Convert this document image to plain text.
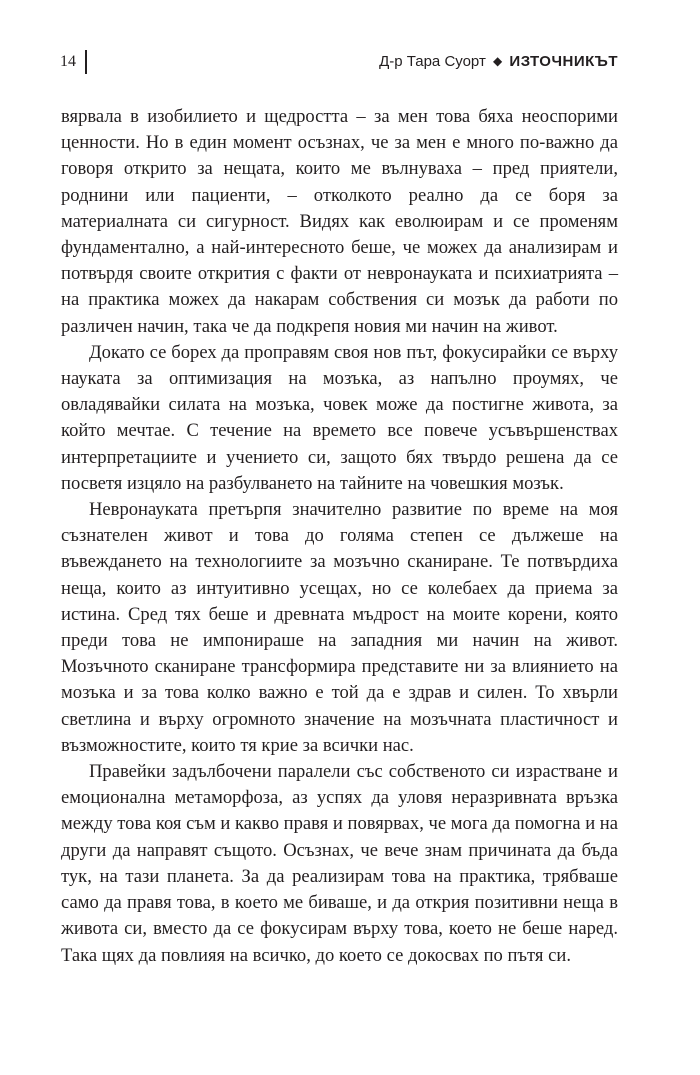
14	Д-р Тара Суорт ◆ ИЗТОЧНИКЪТ

вярвала в изобилието и щедростта – за мен това бяха неоспорими ценности. Но в един момент осъзнах, че за мен е много по-важно да говоря открито за нещата, които ме вълнуваха – пред приятели, роднини или пациенти, – отколкото реално да се боря за материалната си сигурност. Видях как еволюирам и се променям фундаментално, а най-интересното беше, че можех да анализирам и потвърдя своите открития с факти от невронауката и психиатрията – на практика можех да накарам собствения си мозък да работи по различен начин, така че да подкрепя новия ми начин на живот.

Докато се борех да проправям своя нов път, фокусирайки се върху науката за оптимизация на мозъка, аз напълно проумях, че овладявайки силата на мозъка, човек може да постигне живота, за който мечтае. С течение на времето все повече усъвършенствах интерпретациите и учението си, защото бях твърдо решена да се посветя изцяло на разбулването на тайните на човешкия мозък.

Невронауката претърпя значително развитие по време на моя съзнателен живот и това до голяма степен се дължеше на въвеждането на технологиите за мозъчно сканиране. Те потвърдиха неща, които аз интуитивно усещах, но се колебаех да приема за истина. Сред тях беше и древната мъдрост на моите корени, която преди това не импонираше на западния ми начин на живот. Мозъчното сканиране трансформира представите ни за влиянието на мозъка и за това колко важно е той да е здрав и силен. То хвърли светлина и върху огромното значение на мозъчната пластичност и възможностите, които тя крие за всички нас.

Правейки задълбочени паралели със собственото си израстване и емоционална метаморфоза, аз успях да уловя неразривната връзка между това коя съм и какво правя и повярвах, че мога да помогна и на други да направят същото. Осъзнах, че вече знам причината да бъда тук, на тази планета. За да реализирам това на практика, трябваше само да правя това, в което ме биваше, и да открия позитивни неща в живота си, вместо да се фокусирам върху това, което не беше наред. Така щях да повлияя на всичко, до което се докосвах по пътя си.
